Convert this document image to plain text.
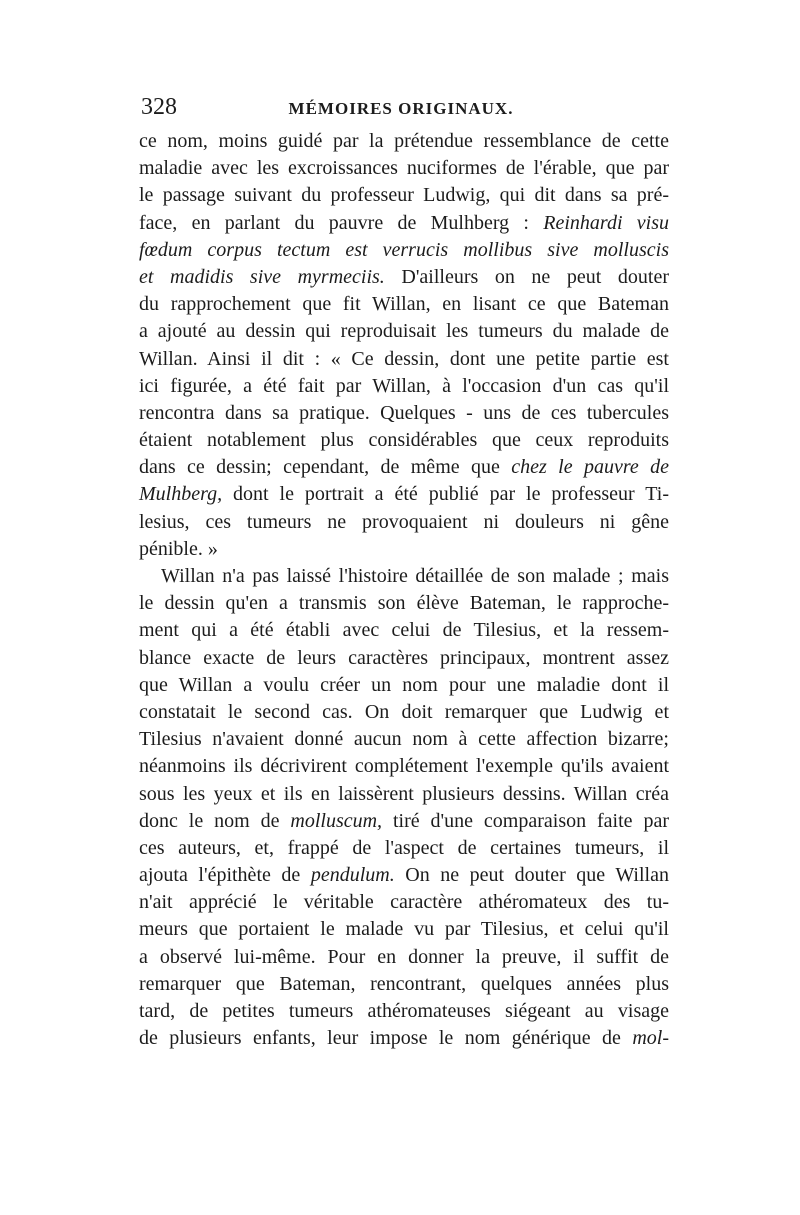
328	MÉMOIRES ORIGINAUX.
ce nom, moins guidé par la prétendue ressemblance de cette
maladie avec les excroissances nuciformes de l'érable, que par
le passage suivant du professeur Ludwig, qui dit dans sa pré-
face, en parlant du pauvre de Mulhberg : Reinhardi visu
fœdum corpus tectum est verrucis mollibus sive molluscis
et madidis sive myrmeciis. D'ailleurs on ne peut douter
du rapprochement que fit Willan, en lisant ce que Bateman
a ajouté au dessin qui reproduisait les tumeurs du malade de
Willan. Ainsi il dit : « Ce dessin, dont une petite partie est
ici figurée, a été fait par Willan, à l'occasion d'un cas qu'il
rencontra dans sa pratique. Quelques - uns de ces tubercules
étaient notablement plus considérables que ceux reproduits
dans ce dessin; cependant, de même que chez le pauvre de
Mulhberg, dont le portrait a été publié par le professeur Ti-
lesius, ces tumeurs ne provoquaient ni douleurs ni gêne
pénible. »
Willan n'a pas laissé l'histoire détaillée de son malade ; mais
le dessin qu'en a transmis son élève Bateman, le rapproche-
ment qui a été établi avec celui de Tilesius, et la ressem-
blance exacte de leurs caractères principaux, montrent assez
que Willan a voulu créer un nom pour une maladie dont il
constatait le second cas. On doit remarquer que Ludwig et
Tilesius n'avaient donné aucun nom à cette affection bizarre;
néanmoins ils décrivirent complétement l'exemple qu'ils avaient
sous les yeux et ils en laissèrent plusieurs dessins. Willan créa
donc le nom de molluscum, tiré d'une comparaison faite par
ces auteurs, et, frappé de l'aspect de certaines tumeurs, il
ajouta l'épithète de pendulum. On ne peut douter que Willan
n'ait apprécié le véritable caractère athéromateux des tu-
meurs que portaient le malade vu par Tilesius, et celui qu'il
a observé lui-même. Pour en donner la preuve, il suffit de
remarquer que Bateman, rencontrant, quelques années plus
tard, de petites tumeurs athéromateuses siégeant au visage
de plusieurs enfants, leur impose le nom générique de mol-
